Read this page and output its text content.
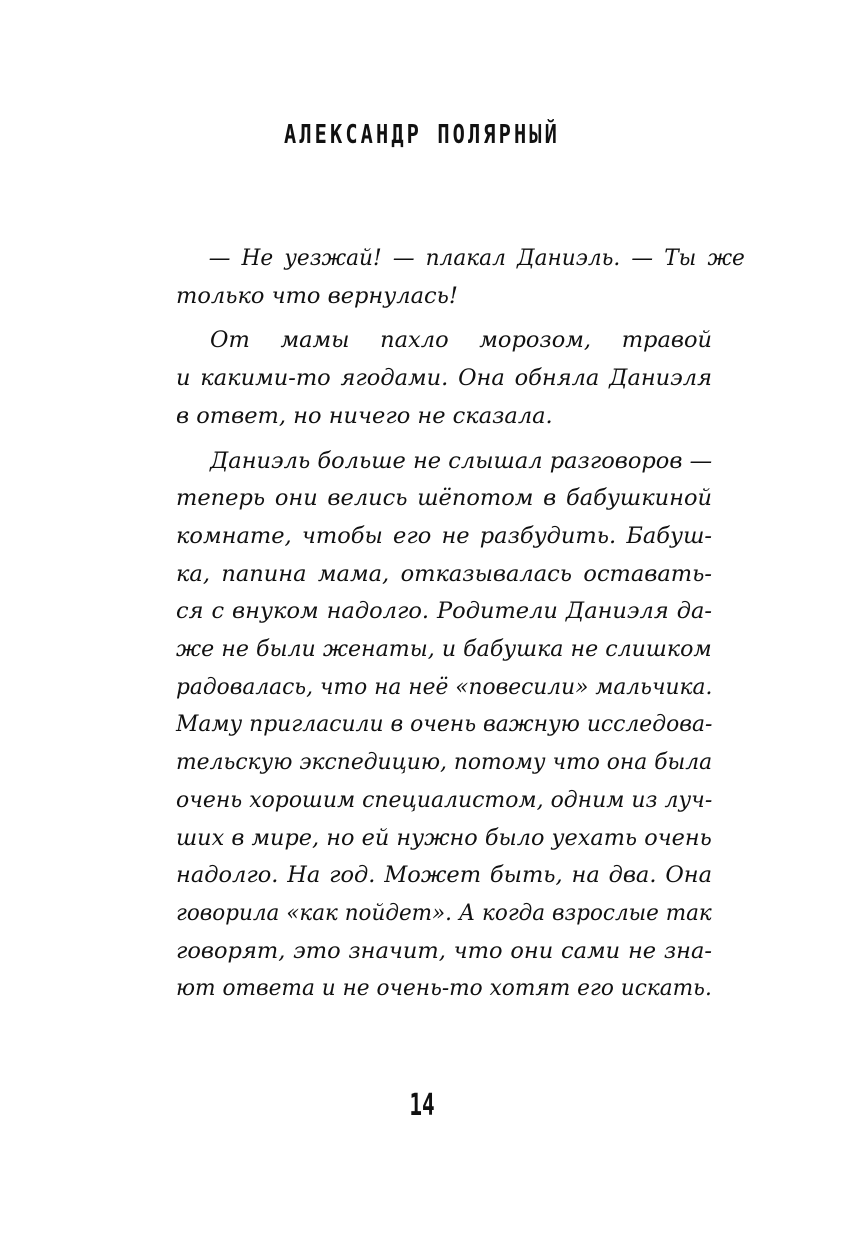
АЛЕКСАНДР ПОЛЯРНЫЙ
— Не уезжай! — плакал Даниэль. — Ты же
только что вернулась!
От мамы пахло морозом, травой
и какими-то ягодами. Она обняла Даниэля
в ответ, но ничего не сказала.
Даниэль больше не слышал разговоров —
теперь они велись шёпотом в бабушкиной
комнате, чтобы его не разбудить. Бабуш-
ка, папина мама, отказывалась оставать-
ся с внуком надолго. Родители Даниэля да-
же не были женаты, и бабушка не слишком
радовалась, что на неё «повесили» мальчика.
Маму пригласили в очень важную исследова-
тельскую экспедицию, потому что она была
очень хорошим специалистом, одним из луч-
ших в мире, но ей нужно было уехать очень
надолго. На год. Может быть, на два. Она
говорила «как пойдет». А когда взрослые так
говорят, это значит, что они сами не зна-
ют ответа и не очень-то хотят его искать.
14
